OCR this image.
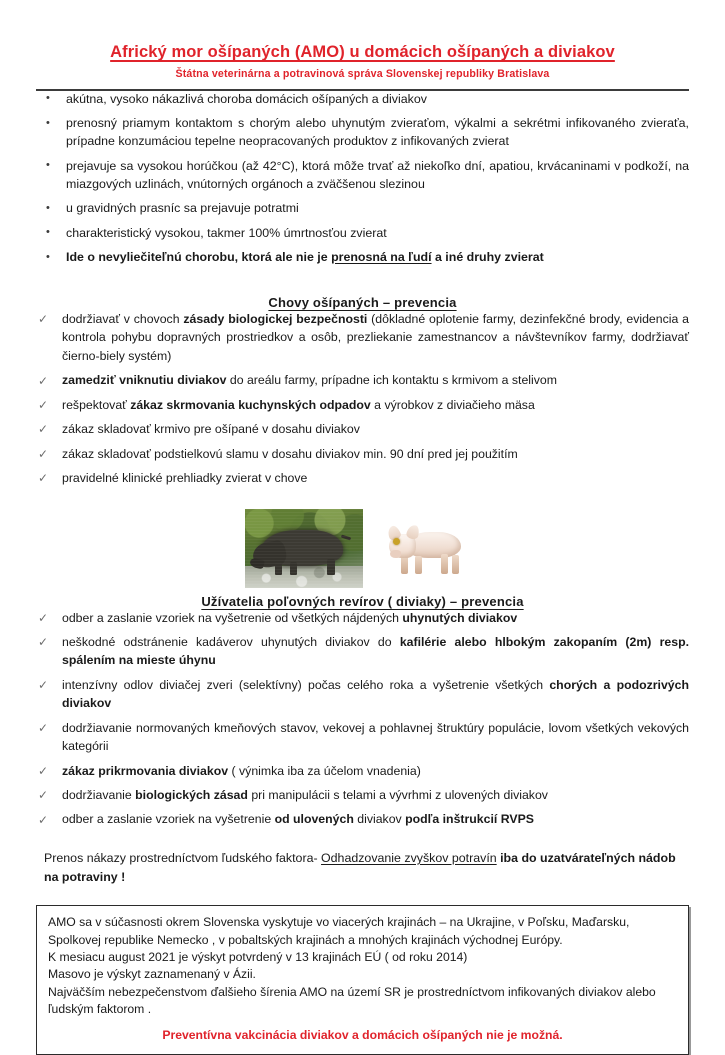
Africký mor ošípaných (AMO) u domácich ošípaných a diviakov

Štátna veterinárna a potravinová správa Slovenskej republiky Bratislava

• akútna, vysoko nákazlivá choroba domácich ošípaných a diviakov
• prenosný priamym kontaktom s chorým alebo uhynutým zvieraťom, výkalmi a sekrétmi infikovaného zvieraťa, prípadne konzumáciou tepelne neopracovaných produktov z infikovaných zvierat
• prejavuje sa vysokou horúčkou (až 42°C), ktorá môže trvať až niekoľko dní, apatiou, krvácaninami v podkoží, na miazgových uzlinách, vnútorných orgánoch a zväčšenou slezinou
• u gravidných prasníc sa prejavuje potratmi
• charakteristický vysokou, takmer 100% úmrtnosťou zvierat
• Ide o nevyliečiteľnú chorobu, ktorá ale nie je prenosná na ľudí a iné druhy zvierat
Chovy ošípaných – prevencia
✓ dodržiavať v chovoch zásady biologickej bezpečnosti (dôkladné oplotenie farmy, dezinfekčné brody, evidencia a kontrola pohybu dopravných prostriedkov a osôb, prezliekanie zamestnancov a návštevníkov farmy, dodržiavať čierno-biely systém)
✓ zamedziť vniknutiu diviakov do areálu farmy, prípadne ich kontaktu s krmivom a stelivom
✓ rešpektovať zákaz skrmovania kuchynských odpadov a výrobkov z diviačieho mäsa
✓ zákaz skladovať krmivo pre ošípané v dosahu diviakov
✓ zákaz skladovať podstielkovú slamu v dosahu diviakov min. 90 dní pred jej použitím
✓ pravidelné klinické prehliadky zvierat v chove
Užívatelia poľovných revírov ( diviaky) – prevencia
✓ odber a zaslanie vzoriek na vyšetrenie od všetkých nájdených uhynutých diviakov
✓ neškodné odstránenie kadáverov uhynutých diviakov do kafilérie alebo hlbokým zakopaním (2m) resp. spálením na mieste úhynu
✓ intenzívny odlov diviačej zveri (selektívny) počas celého roka a vyšetrenie všetkých chorých a podozrivých diviakov
✓ dodržiavanie normovaných kmeňových stavov, vekovej a pohlavnej štruktúry populácie, lovom všetkých vekových kategórii
✓ zákaz prikrmovania diviakov ( výnimka iba za účelom vnadenia)
✓ dodržiavanie biologických zásad pri manipulácii s telami a vývrhmi z ulovených diviakov
✓ odber a zaslanie vzoriek na vyšetrenie od ulovených diviakov podľa inštrukcií RVPS

Prenos nákazy prostredníctvom ľudského faktora- Odhadzovanie zvyškov potravín iba do uzatvárateľných nádob na potraviny !

AMO sa v súčasnosti okrem Slovenska vyskytuje vo viacerých krajinách – na Ukrajine, v Poľsku, Maďarsku, Spolkovej republike Nemecko , v pobaltských krajinách a mnohých krajinách východnej Európy.

K mesiacu august 2021 je výskyt potvrdený v 13 krajinách EÚ ( od roku 2014)

Masovo je výskyt zaznamenaný v Ázii.

Najväčším nebezpečenstvom ďalšieho šírenia AMO na území SR je prostredníctvom infikovaných diviakov alebo ľudským faktorom .

Preventívna vakcinácia diviakov a domácich ošípaných nie je možná.
